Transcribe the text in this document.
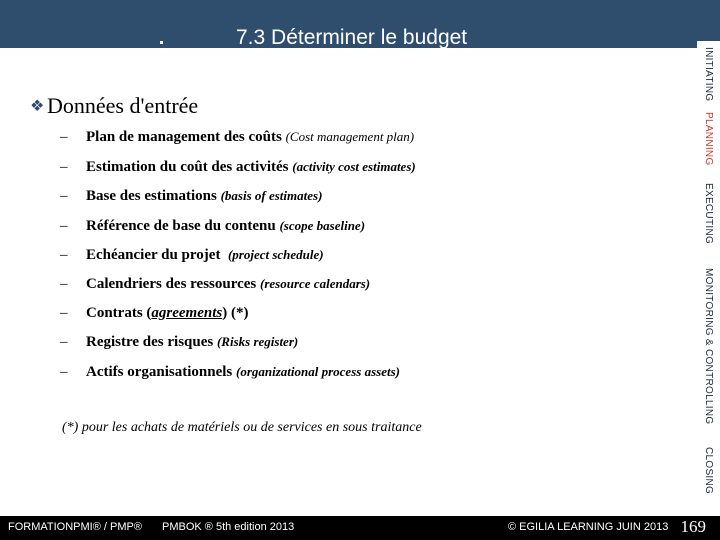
7.3 Déterminer le budget
INITIATING
PLANNING
EXECUTING
MONITORING & CONTROLLING
CLOSING
❖ Données d'entrée
– Plan de management des coûts (Cost management plan)
– Estimation du coût des activités (activity cost estimates)
– Base des estimations (basis of estimates)
– Référence de base du contenu (scope baseline)
– Echéancier du projet (project schedule)
– Calendriers des ressources (resource calendars)
– Contrats (agreements) (*)
– Registre des risques (Risks register)
– Actifs organisationnels (organizational process assets)
(*) pour les achats de matériels ou de services en sous traitance
FORMATIONPMI® / PMP® PMBOK ® 5th edition 2013	© EGILIA LEARNING JUIN 2013 169
